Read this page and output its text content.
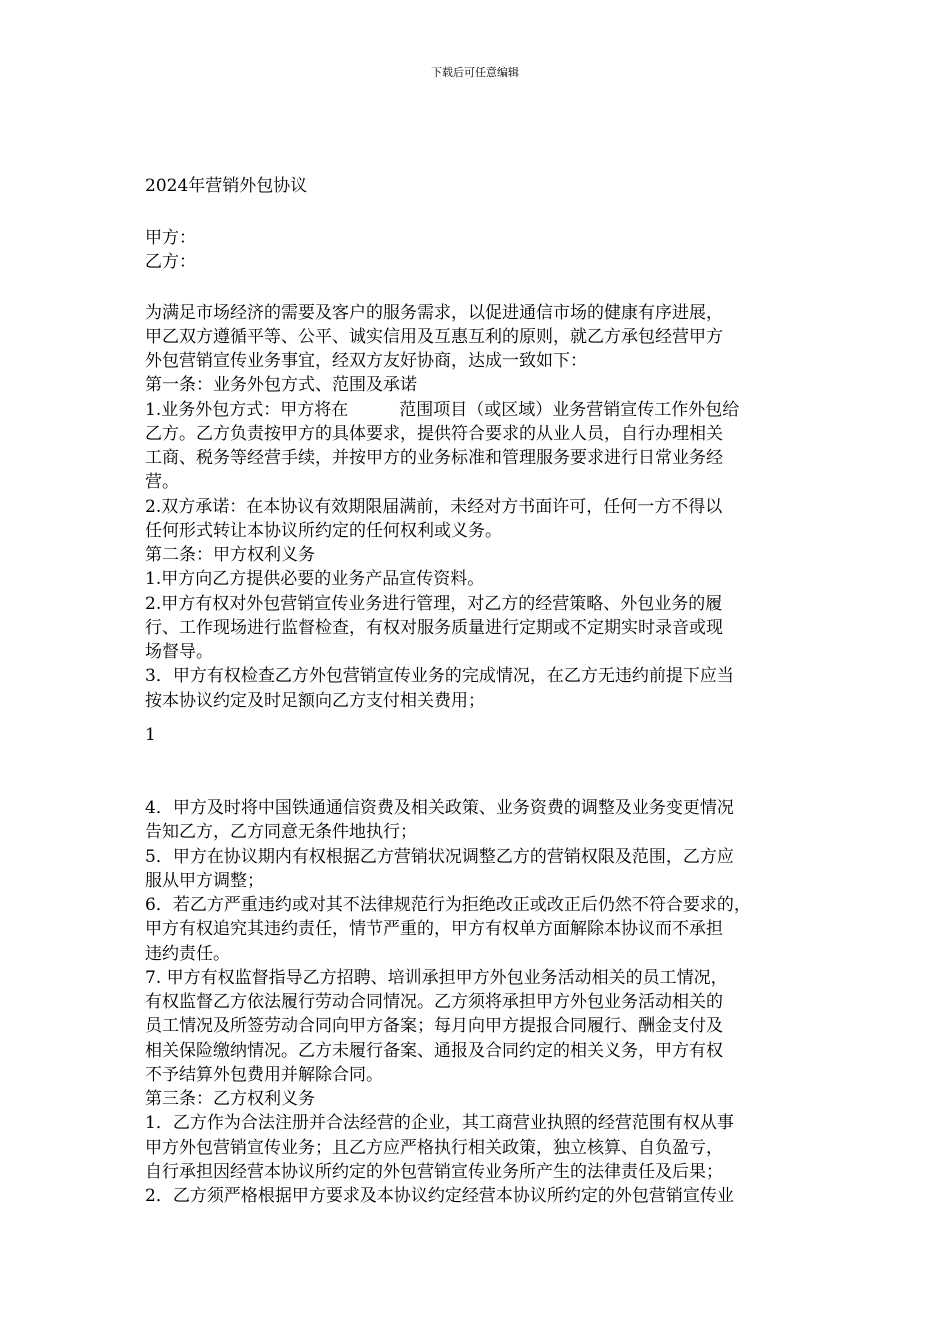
下载后可任意编辑
2024年营销外包协议
甲方：
乙方：
为满足市场经济的需要及客户的服务需求，以促进通信市场的健康有序进展，
甲乙双方遵循平等、公平、诚实信用及互惠互利的原则，就乙方承包经营甲方
外包营销宣传业务事宜，经双方友好协商，达成一致如下：
第一条：业务外包方式、范围及承诺
1.业务外包方式：甲方将在　　　范围项目（或区域）业务营销宣传工作外包给
乙方。乙方负责按甲方的具体要求，提供符合要求的从业人员，自行办理相关
工商、税务等经营手续，并按甲方的业务标准和管理服务要求进行日常业务经
营。
2.双方承诺：在本协议有效期限届满前，未经对方书面许可，任何一方不得以
任何形式转让本协议所约定的任何权利或义务。
第二条：甲方权利义务
1.甲方向乙方提供必要的业务产品宣传资料。
2.甲方有权对外包营销宣传业务进行管理，对乙方的经营策略、外包业务的履
行、工作现场进行监督检查，有权对服务质量进行定期或不定期实时录音或现
场督导。
3．甲方有权检查乙方外包营销宣传业务的完成情况，在乙方无违约前提下应当
按本协议约定及时足额向乙方支付相关费用；
1
4．甲方及时将中国铁通通信资费及相关政策、业务资费的调整及业务变更情况
告知乙方，乙方同意无条件地执行；
5．甲方在协议期内有权根据乙方营销状况调整乙方的营销权限及范围，乙方应
服从甲方调整；
6．若乙方严重违约或对其不法律规范行为拒绝改正或改正后仍然不符合要求的，
甲方有权追究其违约责任，情节严重的，甲方有权单方面解除本协议而不承担
违约责任。
7. 甲方有权监督指导乙方招聘、培训承担甲方外包业务活动相关的员工情况，
有权监督乙方依法履行劳动合同情况。乙方须将承担甲方外包业务活动相关的
员工情况及所签劳动合同向甲方备案；每月向甲方提报合同履行、酬金支付及
相关保险缴纳情况。乙方未履行备案、通报及合同约定的相关义务，甲方有权
不予结算外包费用并解除合同。
第三条：乙方权利义务
1．乙方作为合法注册并合法经营的企业，其工商营业执照的经营范围有权从事
甲方外包营销宣传业务；且乙方应严格执行相关政策，独立核算、自负盈亏，
自行承担因经营本协议所约定的外包营销宣传业务所产生的法律责任及后果；
2．乙方须严格根据甲方要求及本协议约定经营本协议所约定的外包营销宣传业
